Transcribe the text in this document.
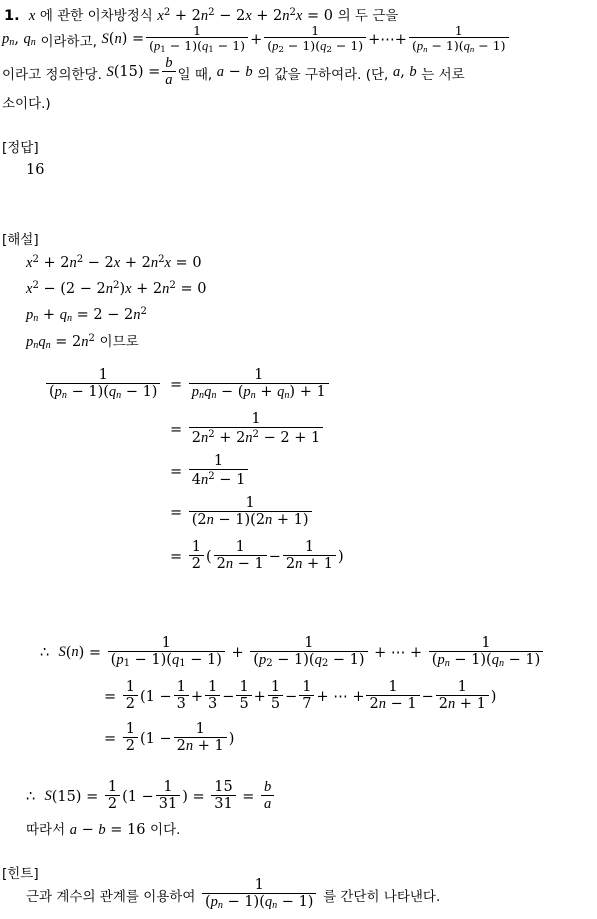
1. x 에 관한 이차방정식 $x^2 + 2n^2 - 2x + 2n^2x = 0$ 의 두 근을
$p_n$, $q_n$ 이라하고, $S(n) = \frac{1}{(p_1 - 1)(q_1 - 1)} + \frac{1}{(p_2 - 1)(q_2 - 1)}$ +⋯+ $\frac{1}{(p_n - 1)(q_n - 1)}$
이라고 정의한당. $S(15) = \frac{b}{a}$ 일 때, a − b 의 값을 구하여라. (단, a, b 는 서로
소이다.)
[정답]
16
[해설]
$x^2 + 2n^2 - 2x + 2n^2x = 0$
$x^2 - (2 - 2n^2)x + 2n^2 = 0$
$p_n + q_n = 2 - 2n^2$
$p_nq_n = 2n^2$ 이므로
$\frac{1}{(p_n - 1)(q_n - 1)} = \frac{1}{p_nq_n - (p_n + q_n) + 1}$
= $\frac{1}{2n^2 + 2n^2 - 2 + 1}$
= $\frac{1}{4n^2 - 1}$
= $\frac{1}{(2n - 1)(2n + 1)}$
= $\frac{1}{2}$ ( $\frac{1}{2n - 1} - \frac{1}{2n + 1}$ )
∴ S ( n ) = $\frac{1}{(p_1 - 1)(q_1 - 1)} + \frac{1}{(p_2 - 1)(q_2 - 1)}$ + ⋯ + $\frac{1}{(p_n - 1)(q_n - 1)}$
= $\frac{1}{2} (1 - \frac{1}{3} + \frac{1}{3} - \frac{1}{5} + \frac{1}{5} - \frac{1}{7}$ + ⋯ + $\frac{1}{2n - 1} - \frac{1}{2n + 1}$ )
= $\frac{1}{2} (1 - \frac{1}{2n + 1}$ )
∴ S $(15) = \frac{1}{2} (1 - \frac{1}{31}$ ) = $\frac{15}{31} = \frac{b}{a}$
따라서 a − b = 16 이다.
[힌트]
근과 계수의 관계를 이용하여
$\frac{1}{(p_n - 1)(q_n - 1)}$
를 간단히 나타낸다.
